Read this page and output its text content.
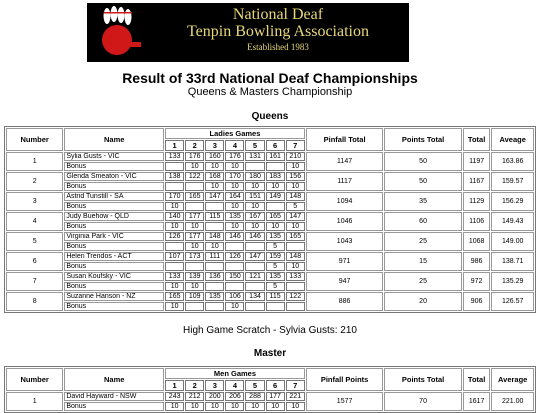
National Deaf
Tenpin Bowling Association
Established 1983
Result of 33rd National Deaf Championships
Queens & Masters Championship
Queens
Number	Name	Ladies Games							Pinfall Total	Points Total	Total	Aveage
		1	2	3	4	5	6	7				
1	Sylia Gusts - VIC	133	176	160	176	131	161	210	1147	50	1197	163.86
	Bonus		10	10	10			10				
2	Glenda Smeaton - VIC	138	122	168	170	180	183	156	1117	50	1167	159.57
	Bonus			10	10	10	10	10				
3	Astrid Tunstill - SA	170	165	147	164	151	149	148	1094	35	1129	156.29
	Bonus	10			10	10		5				
4	Judy Buehow - QLD	140	177	115	135	167	165	147	1046	60	1106	149.43
	Bonus	10	10		10	10	10	10				
5	Virginia Park - VIC	126	177	148	146	146	135	165	1043	25	1068	149.00
	Bonus		10	10			5					
6	Helen Trendos - ACT	107	173	111	126	147	159	148	971	15	986	138.71
	Bonus						5	10				
7	Susan Koufsky - VIC	133	139	136	150	121	135	133	947	25	972	135.29
	Bonus	10	10				5					
8	Suzanne Hanson - NZ	165	109	135	106	134	115	122	886	20	906	126.57
	Bonus	10			10							
High Game Scratch - Sylvia Gusts: 210
Master
Number	Name	Men Games							Pinfall Points	Points Total	Total	Average
		1	2	3	4	5	6	7				
1	David Hayward - NSW	243	212	200	206	288	177	221	1577	70	1617	221.00
	Bonus	10	10	10	10	10	10	10				
